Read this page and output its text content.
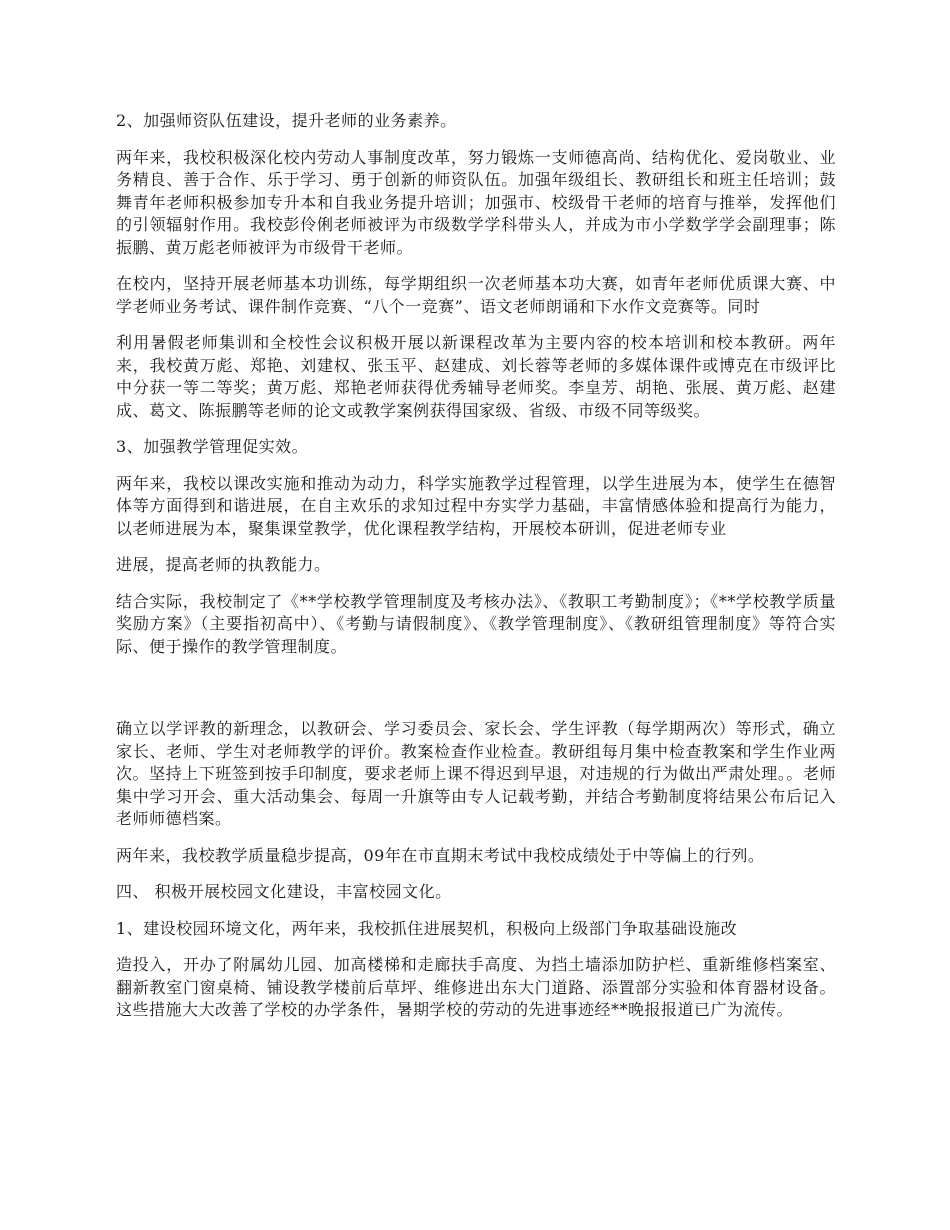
2、加强师资队伍建设，提升老师的业务素养。

两年来，我校积极深化校内劳动人事制度改革，努力锻炼一支师德高尚、结构优化、爱岗敬业、业务精良、善于合作、乐于学习、勇于创新的师资队伍。加强年级组长、教研组长和班主任培训；鼓舞青年老师积极参加专升本和自我业务提升培训；加强市、校级骨干老师的培育与推举，发挥他们的引领辐射作用。我校彭伶俐老师被评为市级数学学科带头人，并成为市小学数学学会副理事；陈振鹏、黄万彪老师被评为市级骨干老师。

在校内，坚持开展老师基本功训练，每学期组织一次老师基本功大赛，如青年老师优质课大赛、中学老师业务考试、课件制作竞赛、“八个一竞赛”、语文老师朗诵和下水作文竞赛等。同时

利用暑假老师集训和全校性会议积极开展以新课程改革为主要内容的校本培训和校本教研。两年来，我校黄万彪、郑艳、刘建权、张玉平、赵建成、刘长蓉等老师的多媒体课件或博克在市级评比中分获一等二等奖；黄万彪、郑艳老师获得优秀辅导老师奖。李皇芳、胡艳、张展、黄万彪、赵建成、葛文、陈振鹏等老师的论文或教学案例获得国家级、省级、市级不同等级奖。

3、加强教学管理促实效。

两年来，我校以课改实施和推动为动力，科学实施教学过程管理，以学生进展为本，使学生在德智体等方面得到和谐进展，在自主欢乐的求知过程中夯实学力基础，丰富情感体验和提高行为能力，以老师进展为本，聚集课堂教学，优化课程教学结构，开展校本研训，促进老师专业

进展，提高老师的执教能力。

结合实际，我校制定了《**学校教学管理制度及考核办法》、《教职工考勤制度》；《**学校教学质量奖励方案》（主要指初高中）、《考勤与请假制度》、《教学管理制度》、《教研组管理制度》等符合实际、便于操作的教学管理制度。

确立以学评教的新理念，以教研会、学习委员会、家长会、学生评教（每学期两次）等形式，确立家长、老师、学生对老师教学的评价。教案检查作业检查。教研组每月集中检查教案和学生作业两次。坚持上下班签到按手印制度，要求老师上课不得迟到早退，对违规的行为做出严肃处理。。老师集中学习开会、重大活动集会、每周一升旗等由专人记载考勤，并结合考勤制度将结果公布后记入老师师德档案。

两年来，我校教学质量稳步提高，09年在市直期末考试中我校成绩处于中等偏上的行列。

四、 积极开展校园文化建设，丰富校园文化。

1、建设校园环境文化，两年来，我校抓住进展契机，积极向上级部门争取基础设施改

造投入，开办了附属幼儿园、加高楼梯和走廊扶手高度、为挡土墙添加防护栏、重新维修档案室、翻新教室门窗桌椅、铺设教学楼前后草坪、维修进出东大门道路、添置部分实验和体育器材设备。这些措施大大改善了学校的办学条件，暑期学校的劳动的先进事迹经**晚报报道已广为流传。
